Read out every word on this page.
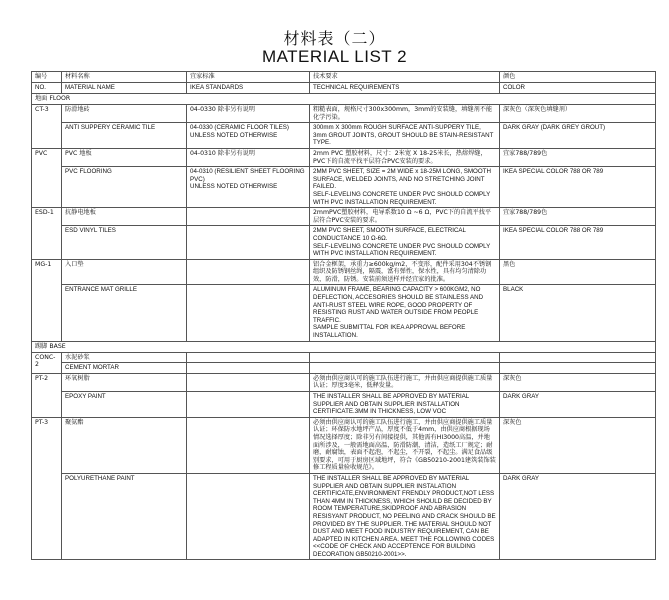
材料表（二）
MATERIAL LIST 2
编号	材料名称	宜家标准	技术要求	颜色
NO.	MATERIAL NAME	IKEA STANDARDS	TECHNICAL REQUIREMENTS	COLOR
地面 FLOOR				
CT-3	防滑地砖	04-0330 除非另有说明	粗糙表面，规格尺寸300x300mm，3mm的安装缝，填缝剂不能化学污染。	深灰色（深灰色填缝剂）
	ANTI SUPPERY CERAMIC TILE	04-0330 (CERAMIC FLOOR TILES)
UNLESS NOTED OTHERWISE	300mm X 300mm ROUGH SURFACE ANTI-SUPPERY TILE, 3mm GROUT JOINTS, GROUT SHOULD BE STAIN-RESISTANT TYPE.	DARK GRAY (DARK GREY GROUT)
PVC	PVC 地板	04-0310 除非另有说明	2mm PVC 塑胶材料，尺寸：2米宽 X 18-25米长，热熔焊缝，PVC下的自流平找平层符合PVC安装的要求。	宜家788/789色
	PVC FLOORING	04-0310 (RESILIENT SHEET FLOORING PVC)
UNLESS NOTED OTHERWISE	2MM PVC SHEET, SIZE = 2M WIDE x 18-25M LONG, SMOOTH SURFACE, WELDED JOINTS, AND NO STRETCHING JOINT FAILED.
SELF-LEVELING CONCRETE UNDER PVC SHOULD COMPLY WITH PVC INSTALLATION REQUIREMENT.	IKEA SPECIAL COLOR 788 OR 789
ESD-1	抗静电地板		2mmPVC塑胶材料，电导系数10 Ω ~6 Ω，PVC下的自流平找平层符合PVC安装的要求。	宜家788/789色
	ESD VINYL TILES		2MM PVC SHEET, SMOOTH SURFACE, ELECTRICAL CONDUCTANCE 10 Ω-6Ω.
SELF-LEVELING CONCRETE UNDER PVC SHOULD COMPLY WITH PVC INSTALLATION REQUIREMENT.	IKEA SPECIAL COLOR 788 OR 789
MG-1	入口垫		铝合金框架，承重力≥600kg/m2，不变形，配件采用304不锈钢组织及防锈钢丝绳，隔震，富有弹性，保水性，具有均匀清除功效，防滑，防锈。安装前须送样并经宜家的批准。	黑色
	ENTRANCE MAT GRILLE		ALUMINUM FRAME, BEARING CAPACITY > 600KGM2, NO DEFLECTION, ACCESORIES SHOULD BE STAINLESS AND ANTI-RUST STEEL WIRE ROPE, GOOD PROPERTY OF RESISTING RUST AND WATER OUTSIDE FROM PEOPLE TRAFFIC.
SAMPLE SUBMITTAL FOR IKEA APPROVAL BEFORE INSTALLATION.	BLACK
踢脚 BASE				
CONC-2	水泥砂浆			
	CEMENT MORTAR			
PT-2	环氧树脂		必须由供应商认可的施工队伍进行施工，并由供应商提供施工质量认证；厚度3毫米，低释发量。	深灰色
	EPOXY PAINT		THE INSTALLER SHALL BE APPROVED BY MATERIAL SUPPLIER AND OBTAIN SUPPLIER INSTALLATION CERTIFICATE.3MM IN THICKNESS, LOW VOC	DARK GRAY
PT-3	聚氨酯		必须由供应商认可的施工队伍进行施工，并由供应商提供施工质量认证；环保防水地坪产品，厚度不低于4mm，由供应商根据现场情况选择厚度；除非另有间接提供，其他需有HI3000高温，并地面所涉及，一般需地面高温，防滑防潮，清洁，造纸工厂规定；耐磨，耐腐蚀，表面不起泡，不起尘，不开裂，不起尘。满足食品级别要求，可用于厨房区域地坪，符合《GB50210-2001建筑装饰装修工程质量验收规范》。	深灰色
	POLYURETHANE PAINT		THE INSTALLER SHALL BE APPROVED BY MATERIAL SUPPLIER AND OBTAIN SUPPLIER INSTALATION CERTIFICATE,ENVIRONMENT FRENDLY PRODUCT,NOT LESS THAN 4MM IN THICKNESS, WHICH SHOULD BE DECIDED BY ROOM TEMPERATURE,SKIDPROOF AND ABRASION RESISYANT PRODUCT, NO PEELING AND CRACK SHOULD BE PROVIDED BY THE SUPPLIER. THE MATERIAL SHOULD NOT DUST AND MEET FOOD INDUSTRY REQUIREMENT, CAN BE ADAPTED IN KITCHEN AREA. MEET THE FOLLOWING CODES <<CODE OF CHECK AND ACCEPTENCE FOR BUILDING DECORATION GB50210-2001>>.	DARK GRAY
